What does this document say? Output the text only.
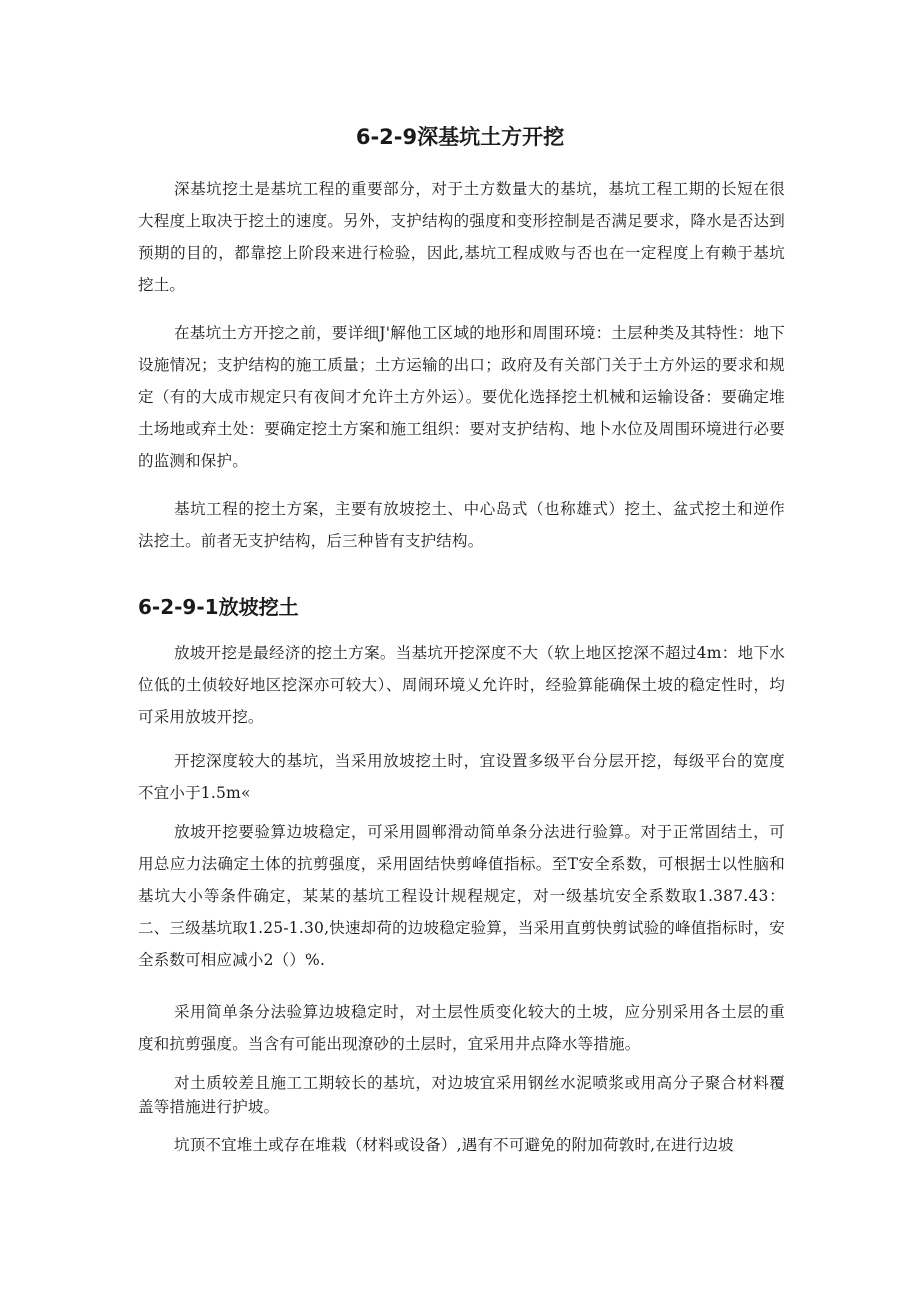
6-2-9深基坑土方开挖

深基坑挖土是基坑工程的重要部分，对于土方数量大的基坑，基坑工程工期的长短在很大程度上取决于挖土的速度。另外，支护结构的强度和变形控制是否满足要求，降水是否达到预期的目的，都靠挖上阶段来进行检验，因此,基坑工程成败与否也在一定程度上有赖于基坑挖土。

在基坑土方开挖之前，要详细J'解他工区域的地形和周围环境：土层种类及其特性：地下设施情况；支护结构的施工质量；土方运输的出口；政府及有关部门关于土方外运的要求和规定（有的大成市规定只有夜间才允许土方外运）。要优化选择挖土机械和运输设备：要确定堆土场地或弃土处：要确定挖土方案和施工组织：要对支护结构、地卜水位及周围环境进行必要的监测和保护。

基坑工程的挖土方案，主要有放坡挖土、中心岛式（也称雄式）挖土、盆式挖土和逆作法挖土。前者无支护结构，后三种皆有支护结构。

6-2-9-1放坡挖土

放坡开挖是最经济的挖土方案。当基坑开挖深度不大（软上地区挖深不超过4m：地下水位低的土侦较好地区挖深亦可较大）、周闹环境乂允许时，经验算能确保土坡的稳定性时，均可采用放坡开挖。

开挖深度较大的基坑，当采用放坡挖土时，宜设置多级平台分层开挖，每级平台的宽度不宜小于1.5m«

放坡开挖要验算边坡稳定，可采用圆郸滑动简单条分法进行验算。对于正常固结土，可用总应力法确定土体的抗剪强度，采用固结快剪峰值指标。至T安全系数，可根据士以性脑和基坑大小等条件确定，某某的基坑工程设计规程规定，对一级基坑安全系数取1.387.43：二、三级基坑取1.25-1.30,快速却荷的边坡稳定验算，当采用直剪快剪试验的峰值指标时，安全系数可相应减小2（）%.

采用简单条分法验算边坡稳定时，对土层性质变化较大的土坡，应分别采用各土层的重度和抗剪强度。当含有可能出现潦砂的土层时，宜采用井点降水等措施。

对土质较差且施工工期较长的基坑，对边坡宜采用钢丝水泥喷浆或用高分子聚合材料覆盖等措施进行护坡。

坑顶不宜堆土或存在堆栽（材料或设备）,遇有不可避免的附加荷敦时,在进行边坡
